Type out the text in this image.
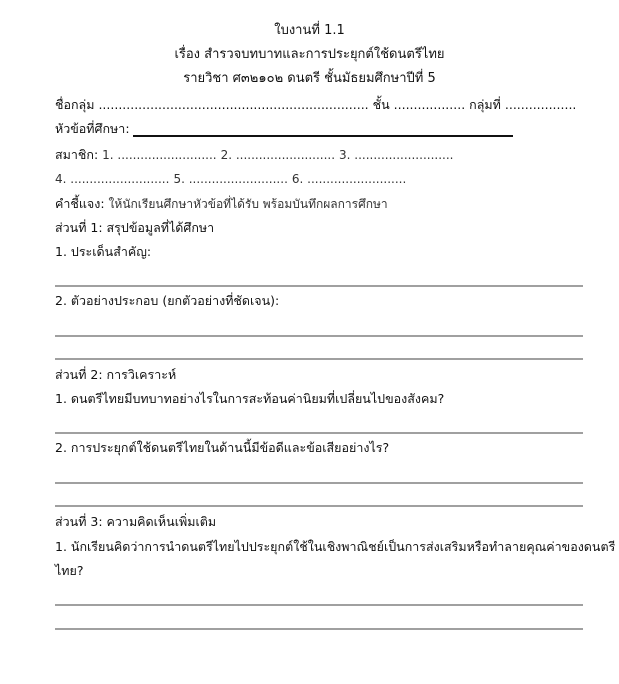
ใบงานที่ 1.1
เรื่อง สำรวจบทบาทและการประยุกต์ใช้ดนตรีไทย
รายวิชา ศ๓๒๑๐๒ ดนตรี ชั้นมัธยมศึกษาปีที่ 5
ชื่อกลุ่ม .................................................................... ชั้น .................. กลุ่มที่ ..................
หัวข้อที่ศึกษา:
สมาชิก: 1. .......................... 2. .......................... 3. ..........................
4. .......................... 5. .......................... 6. ..........................
คำชี้แจง: ให้นักเรียนศึกษาหัวข้อที่ได้รับ พร้อมบันทึกผลการศึกษา
ส่วนที่ 1: สรุปข้อมูลที่ได้ศึกษา
1. ประเด็นสำคัญ:
2. ตัวอย่างประกอบ (ยกตัวอย่างที่ชัดเจน):
ส่วนที่ 2: การวิเคราะห์
1. ดนตรีไทยมีบทบาทอย่างไรในการสะท้อนค่านิยมที่เปลี่ยนไปของสังคม?
2. การประยุกต์ใช้ดนตรีไทยในด้านนี้มีข้อดีและข้อเสียอย่างไร?
ส่วนที่ 3: ความคิดเห็นเพิ่มเติม
1. นักเรียนคิดว่าการนำดนตรีไทยไปประยุกต์ใช้ในเชิงพาณิชย์เป็นการส่งเสริมหรือทำลายคุณค่าของดนตรี
ไทย?
